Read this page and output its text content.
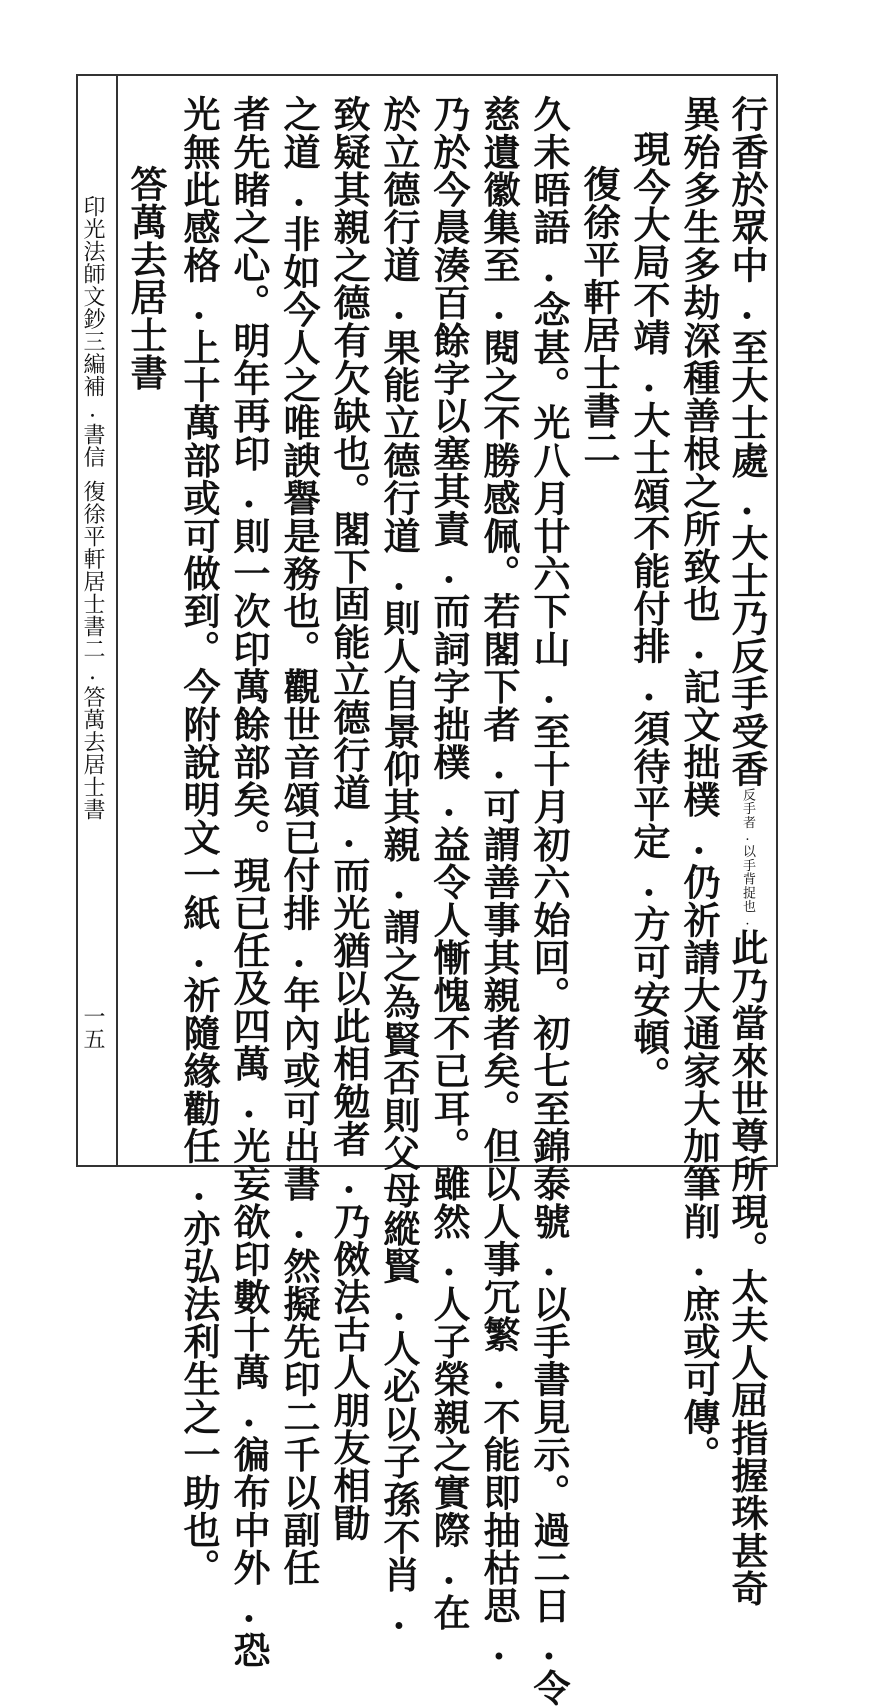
行香於眾中.至大士處.大士乃反手受香反手者.以手背捉也.此乃當來世尊所現。太夫人屈指握珠甚奇
異殆多生多劫深種善根之所致也.記文拙樸.仍祈請大通家大加筆削.庶或可傳。
現今大局不靖.大士頌不能付排.須待平定.方可安頓。
復徐平軒居士書二
久未晤語.念甚。光八月廿六下山.至十月初六始回。初七至錦泰號.以手書見示。過二日.令
慈遺徽集至.閱之不勝感佩。若閣下者.可謂善事其親者矣。但以人事冗繁.不能即抽枯思.
乃於今晨湊百餘字以塞其責.而詞字拙樸.益令人慚愧不已耳。雖然.人子榮親之實際.在
於立德行道.果能立德行道.則人自景仰其親.謂之為賢否則父母縱賢.人必以子孫不肖.
致疑其親之德有欠缺也。閣下固能立德行道.而光猶以此相勉者.乃傚法古人朋友相勖
之道.非如今人之唯諛譽是務也。觀世音頌已付排.年內或可出書.然擬先印二千以副任
者先睹之心。明年再印.則一次印萬餘部矣。現已任及四萬.光妄欲印數十萬.徧布中外.恐
光無此感格.上十萬部或可做到。今附說明文一紙.祈隨緣勸任.亦弘法利生之一助也。
答萬去居士書
印光法師文鈔三編補.書信
復徐平軒居士書二.答萬去居士書
一五
